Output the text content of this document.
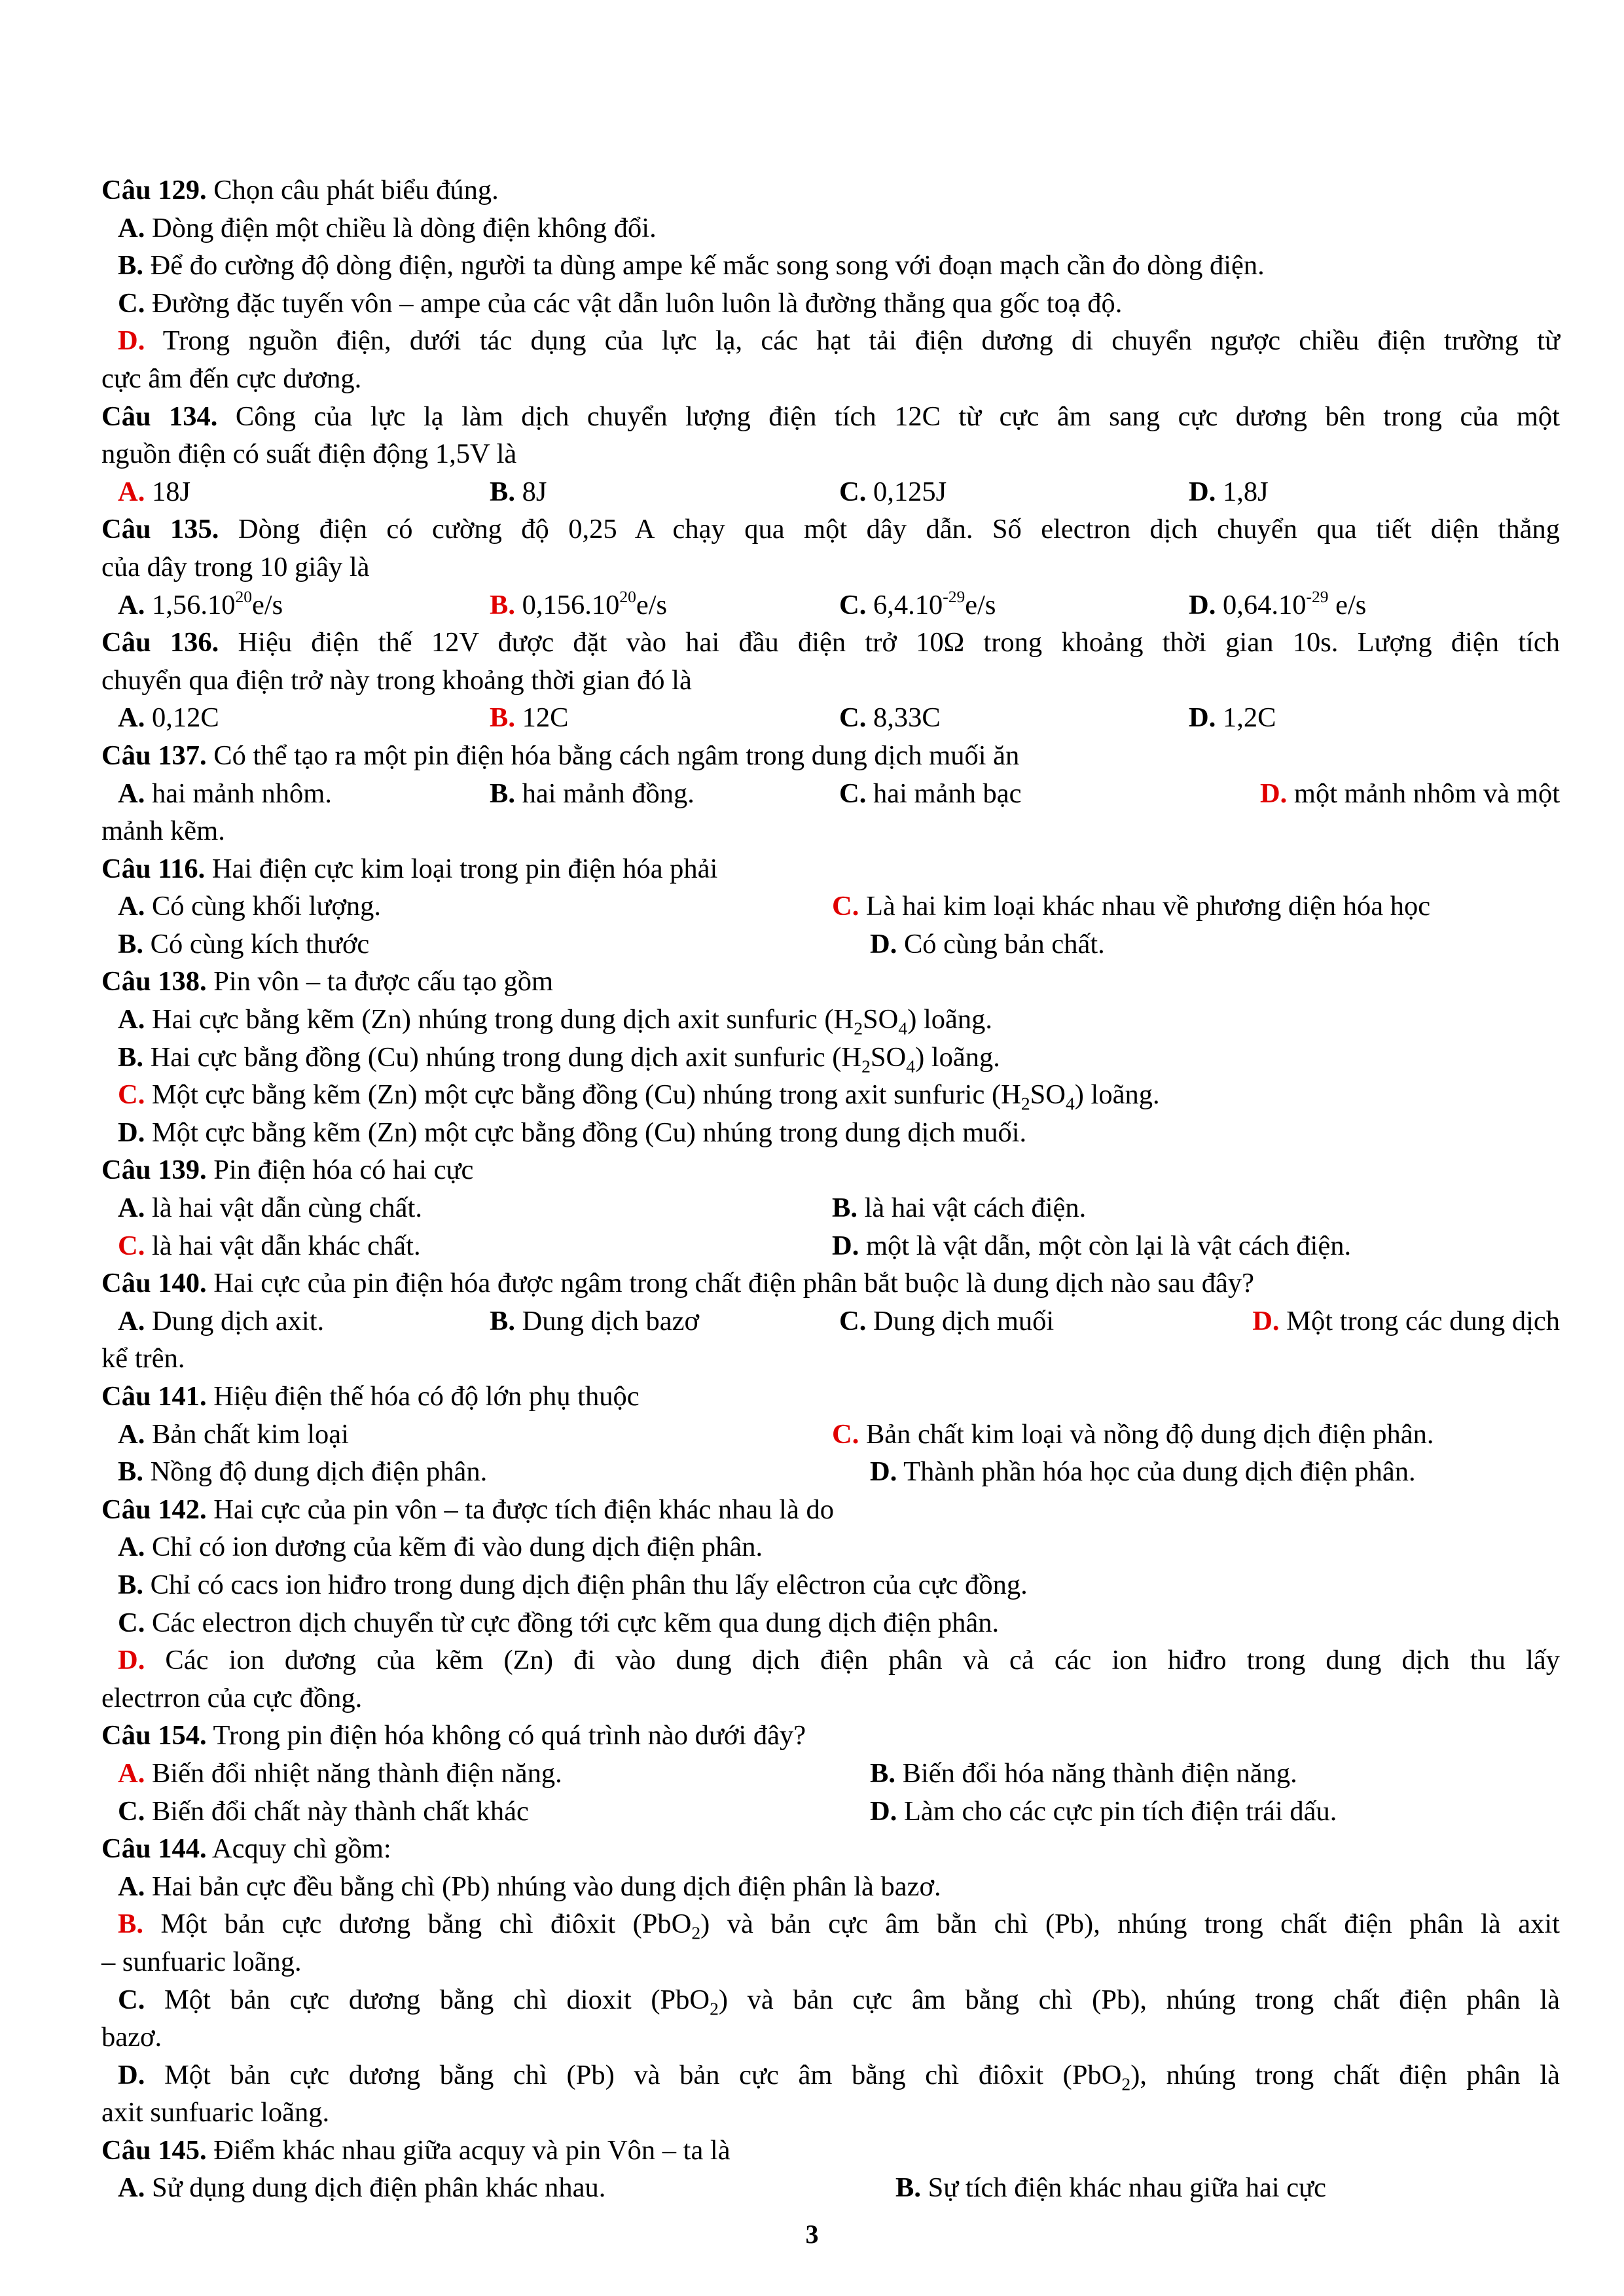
Câu 129. Chọn câu phát biểu đúng.

A. Dòng điện một chiều là dòng điện không đổi.

B. Để đo cường độ dòng điện, người ta dùng ampe kế mắc song song với đoạn mạch cần đo dòng điện.

C. Đường đặc tuyến vôn – ampe của các vật dẫn luôn luôn là đường thẳng qua gốc toạ độ.

D. Trong nguồn điện, dưới tác dụng của lực lạ, các hạt tải điện dương di chuyển ngược chiều điện trường từ

cực âm đến cực dương.

Câu 134. Công của lực lạ làm dịch chuyển lượng điện tích 12C từ cực âm sang cực dương bên trong của một

nguồn điện có suất điện động 1,5V là

A. 18J	B. 8J	C. 0,125J	D. 1,8J

Câu 135. Dòng điện có cường độ 0,25 A chạy qua một dây dẫn. Số electron dịch chuyển qua tiết diện thẳng

của dây trong 10 giây là

A. 1,56.10$^{20}$e/s	B. 0,156.10$^{20}$e/s	C. $6,4.10^{-29}e/s$	D. $0,64.10^{-29}$ e/s

Câu 136. Hiệu điện thế 12V được đặt vào hai đầu điện trở 10Ω trong khoảng thời gian 10s. Lượng điện tích

chuyển qua điện trở này trong khoảng thời gian đó là

A. 0,12C	B. 12C	C. 8,33C	D. 1,2C

Câu 137. Có thể tạo ra một pin điện hóa bằng cách ngâm trong dung dịch muối ăn

A. hai mảnh nhôm.	B. hai mảnh đồng.	C. hai mảnh bạc	D. một mảnh nhôm và một

mảnh kẽm.

Câu 116. Hai điện cực kim loại trong pin điện hóa phải

A. Có cùng khối lượng.	C. Là hai kim loại khác nhau về phương diện hóa học
B. Có cùng kích thước	D. Có cùng bản chất.

Câu 138. Pin vôn – ta được cấu tạo gồm

A. Hai cực bằng kẽm (Zn) nhúng trong dung dịch axit sunfuric $(H_2SO_4)$ loãng.

B. Hai cực bằng đồng (Cu) nhúng trong dung dịch axit sunfuric $(H_2SO_4)$ loãng.

C. Một cực bằng kẽm (Zn) một cực bằng đồng (Cu) nhúng trong axit sunfuric $(H_2SO_4)$ loãng.

D. Một cực bằng kẽm (Zn) một cực bằng đồng (Cu) nhúng trong dung dịch muối.

Câu 139. Pin điện hóa có hai cực

A. là hai vật dẫn cùng chất.	B. là hai vật cách điện.
C. là hai vật dẫn khác chất.	D. một là vật dẫn, một còn lại là vật cách điện.

Câu 140. Hai cực của pin điện hóa được ngâm trong chất điện phân bắt buộc là dung dịch nào sau đây?

A. Dung dịch axit.	B. Dung dịch bazơ	C. Dung dịch muối	D. Một trong các dung dịch

kể trên.

Câu 141. Hiệu điện thế hóa có độ lớn phụ thuộc

A. Bản chất kim loại	C. Bản chất kim loại và nồng độ dung dịch điện phân.
B. Nồng độ dung dịch điện phân.	D. Thành phần hóa học của dung dịch điện phân.

Câu 142. Hai cực của pin vôn – ta được tích điện khác nhau là do

A. Chỉ có ion dương của kẽm đi vào dung dịch điện phân.

B. Chỉ có cacs ion hiđro trong dung dịch điện phân thu lấy elêctron của cực đồng.

C. Các electron dịch chuyển từ cực đồng tới cực kẽm qua dung dịch điện phân.

D. Các ion dương của kẽm (Zn) đi vào dung dịch điện phân và cả các ion hiđro trong dung dịch thu lấy

electrron của cực đồng.

Câu 154. Trong pin điện hóa không có quá trình nào dưới đây?

A. Biến đổi nhiệt năng thành điện năng.	B. Biến đổi hóa năng thành điện năng.
C. Biến đổi chất này thành chất khác	D. Làm cho các cực pin tích điện trái dấu.

Câu 144. Acquy chì gồm:

A. Hai bản cực đều bằng chì (Pb) nhúng vào dung dịch điện phân là bazơ.

B. Một bản cực dương bằng chì điôxit (PbO$_2$) và bản cực âm bằn chì (Pb), nhúng trong chất điện phân là axit

– sunfuaric loãng.

C. Một bản cực dương bằng chì dioxit (PbO$_2$) và bản cực âm bằng chì (Pb), nhúng trong chất điện phân là

bazơ.

D. Một bản cực dương bằng chì (Pb) và bản cực âm bằng chì điôxit (PbO$_2$), nhúng trong chất điện phân là

axit sunfuaric loãng.

Câu 145. Điểm khác nhau giữa acquy và pin Vôn – ta là

A. Sử dụng dung dịch điện phân khác nhau.	B. Sự tích điện khác nhau giữa hai cực
3
